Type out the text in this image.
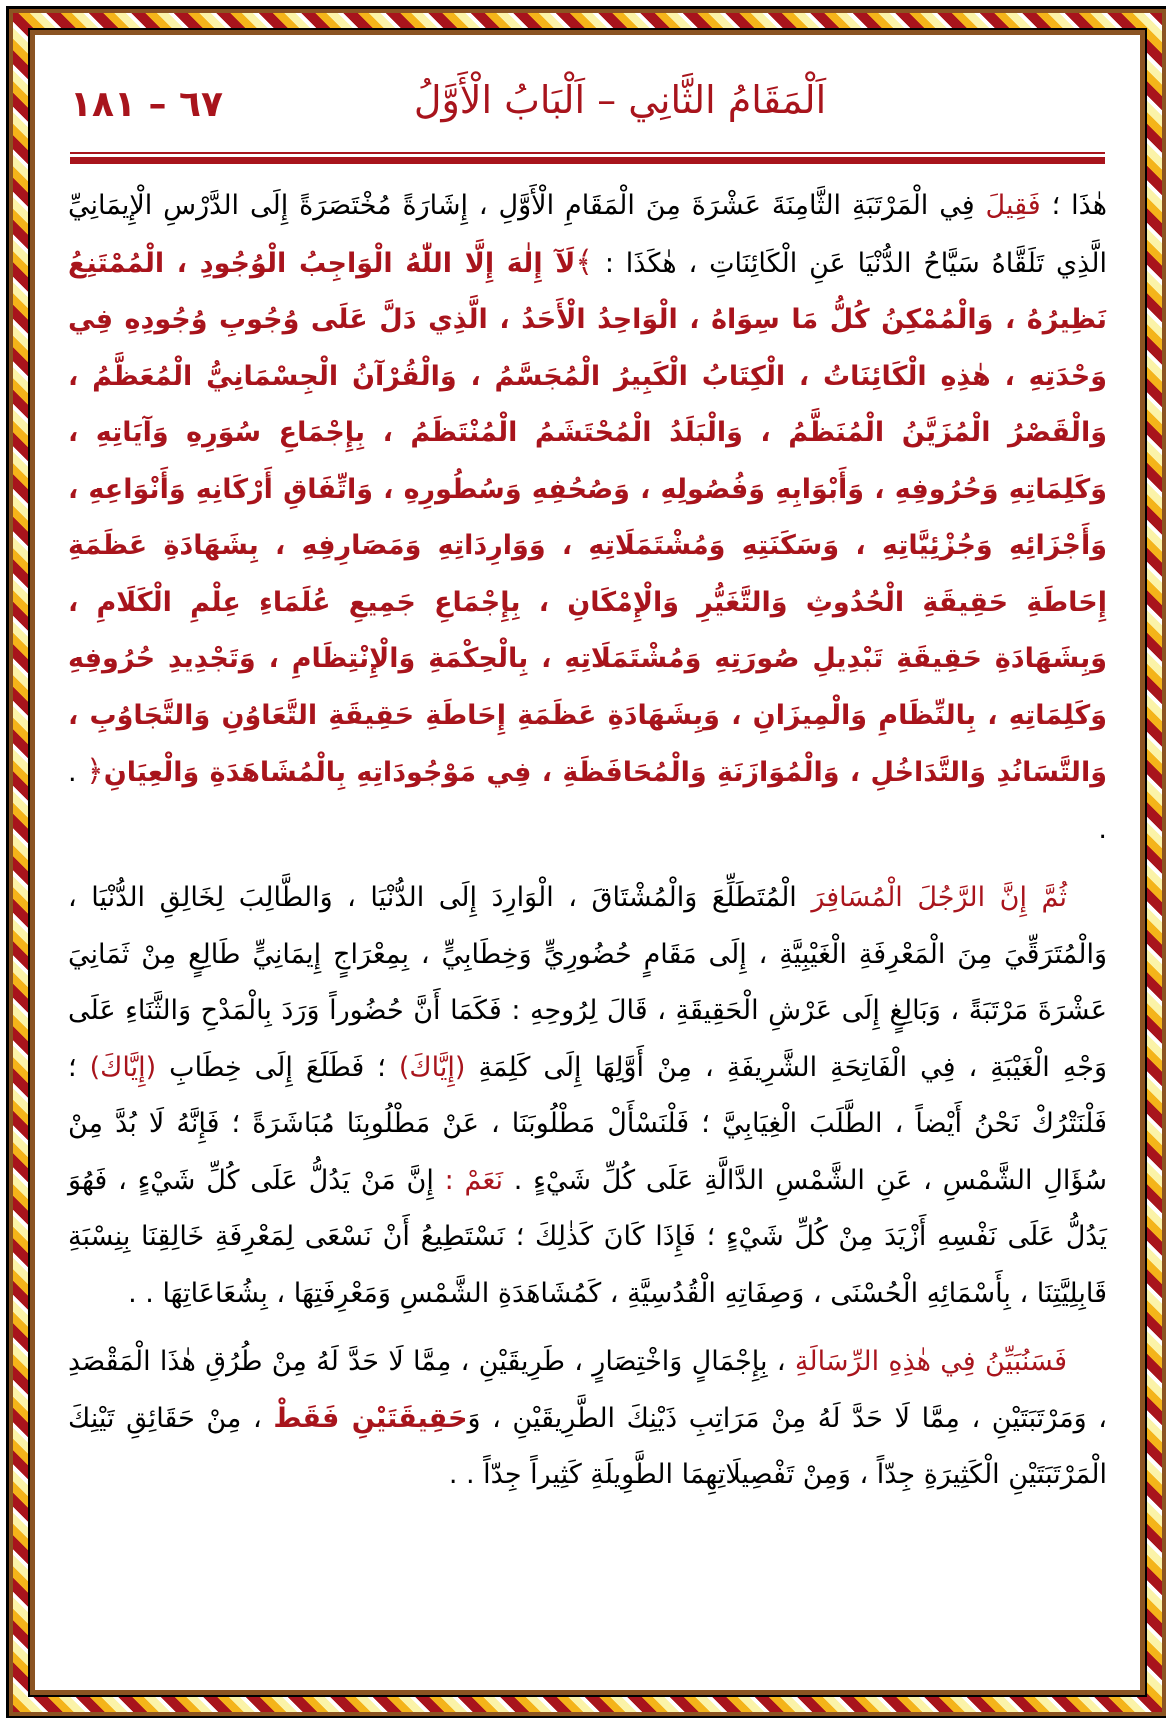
٦٧ – ١٨١	اَلْمَقَامُ الثَّانِي – اَلْبَابُ الْأَوَّلُ

هٰذَا ؛ فَقِيلَ فِي الْمَرْتَبَةِ الثَّامِنَةَ عَشْرَةَ مِنَ الْمَقَامِ الْأَوَّلِ ، إِشَارَةً مُخْتَصَرَةً إِلَى الدَّرْسِ الْإِيمَانِيِّ الَّذِي تَلَقَّاهُ سَيَّاحُ الدُّنْيَا عَنِ الْكَائِنَاتِ ، هٰكَذَا : ﴾لَآ إِلٰهَ إِلَّا اللّٰهُ الْوَاجِبُ الْوُجُودِ ، الْمُمْتَنِعُ نَظِيرُهُ ، وَالْمُمْكِنُ كُلُّ مَا سِوَاهُ ، الْوَاحِدُ الْأَحَدُ ، الَّذِي دَلَّ عَلَى وُجُوبِ وُجُودِهِ فِي وَحْدَتِهِ ، هٰذِهِ الْكَائِنَاتُ ، الْكِتَابُ الْكَبِيرُ الْمُجَسَّمُ ، وَالْقُرْآنُ الْجِسْمَانِيُّ الْمُعَظَّمُ ، وَالْقَصْرُ الْمُزَيَّنُ الْمُنَظَّمُ ، وَالْبَلَدُ الْمُحْتَشَمُ الْمُنْتَظَمُ ، بِإِجْمَاعِ سُوَرِهِ وَآيَاتِهِ ، وَكَلِمَاتِهِ وَحُرُوفِهِ ، وَأَبْوَابِهِ وَفُصُولِهِ ، وَصُحُفِهِ وَسُطُورِهِ ، وَاتِّفَاقِ أَرْكَانِهِ وَأَنْوَاعِهِ ، وَأَجْزَائِهِ وَجُزْئِيَّاتِهِ ، وَسَكَنَتِهِ وَمُشْتَمَلَاتِهِ ، وَوَارِدَاتِهِ وَمَصَارِفِهِ ، بِشَهَادَةِ عَظَمَةِ إِحَاطَةِ حَقِيقَةِ الْحُدُوثِ وَالتَّغَيُّرِ وَالْإِمْكَانِ ، بِإِجْمَاعِ جَمِيعِ عُلَمَاءِ عِلْمِ الْكَلَامِ ، وَبِشَهَادَةِ حَقِيقَةِ تَبْدِيلِ صُورَتِهِ وَمُشْتَمَلَاتِهِ ، بِالْحِكْمَةِ وَالْإِنْتِظَامِ ، وَتَجْدِيدِ حُرُوفِهِ وَكَلِمَاتِهِ ، بِالنِّظَامِ وَالْمِيزَانِ ، وَبِشَهَادَةِ عَظَمَةِ إِحَاطَةِ حَقِيقَةِ التَّعَاوُنِ وَالتَّجَاوُبِ ، وَالتَّسَانُدِ وَالتَّدَاخُلِ ، وَالْمُوَازَنَةِ وَالْمُحَافَظَةِ ، فِي مَوْجُودَاتِهِ بِالْمُشَاهَدَةِ وَالْعِيَانِ﴿ . .

ثُمَّ إِنَّ الرَّجُلَ الْمُسَافِرَ الْمُتَطَلِّعَ وَالْمُشْتَاقَ ، الْوَارِدَ إِلَى الدُّنْيَا ، وَالطَّالِبَ لِخَالِقِ الدُّنْيَا ، وَالْمُتَرَقِّيَ مِنَ الْمَعْرِفَةِ الْغَيْبِيَّةِ ، إِلَى مَقَامٍ حُضُورِيٍّ وَخِطَابِيٍّ ، بِمِعْرَاجٍ إِيمَانِيٍّ طَالِعٍ مِنْ ثَمَانِيَ عَشْرَةَ مَرْتَبَةً ، وَبَالِغٍ إِلَى عَرْشِ الْحَقِيقَةِ ، قَالَ لِرُوحِهِ : فَكَمَا أَنَّ حُضُوراً وَرَدَ بِالْمَدْحِ وَالثَّنَاءِ عَلَى وَجْهِ الْغَيْبَةِ ، فِي الْفَاتِحَةِ الشَّرِيفَةِ ، مِنْ أَوَّلِهَا إِلَى كَلِمَةِ (إِيَّاكَ) ؛ فَطَلَعَ إِلَى خِطَابِ (إِيَّاكَ) ؛ فَلْنَتْرُكْ نَحْنُ أَيْضاً ، الطَّلَبَ الْغِيَابِيَّ ؛ فَلْنَسْأَلْ مَطْلُوبَنَا ، عَنْ مَطْلُوبِنَا مُبَاشَرَةً ؛ فَإِنَّهُ لَا بُدَّ مِنْ سُؤَالِ الشَّمْسِ ، عَنِ الشَّمْسِ الدَّالَّةِ عَلَى كُلِّ شَيْءٍ . نَعَمْ : إِنَّ مَنْ يَدُلُّ عَلَى كُلِّ شَيْءٍ ، فَهُوَ يَدُلُّ عَلَى نَفْسِهِ أَزْيَدَ مِنْ كُلِّ شَيْءٍ ؛ فَإِذَا كَانَ كَذٰلِكَ ؛ نَسْتَطِيعُ أَنْ نَسْعَى لِمَعْرِفَةِ خَالِقِنَا بِنِسْبَةِ قَابِلِيَّتِنَا ، بِأَسْمَائِهِ الْحُسْنَى ، وَصِفَاتِهِ الْقُدُسِيَّةِ ، كَمُشَاهَدَةِ الشَّمْسِ وَمَعْرِفَتِهَا ، بِشُعَاعَاتِهَا . .

فَسَنُبَيِّنُ فِي هٰذِهِ الرِّسَالَةِ ، بِإِجْمَالٍ وَاخْتِصَارٍ ، طَرِيقَيْنِ ، مِمَّا لَا حَدَّ لَهُ مِنْ طُرُقِ هٰذَا الْمَقْصَدِ ، وَمَرْتَبَتَيْنِ ، مِمَّا لَا حَدَّ لَهُ مِنْ مَرَاتِبِ ذَيْنِكَ الطَّرِيقَيْنِ ، وَحَقِيقَتَيْنِ فَقَطْ ، مِنْ حَقَائِقِ تَيْنِكَ الْمَرْتَبَتَيْنِ الْكَثِيرَةِ جِدّاً ، وَمِنْ تَفْصِيلَاتِهِمَا الطَّوِيلَةِ كَثِيراً جِدّاً . .
